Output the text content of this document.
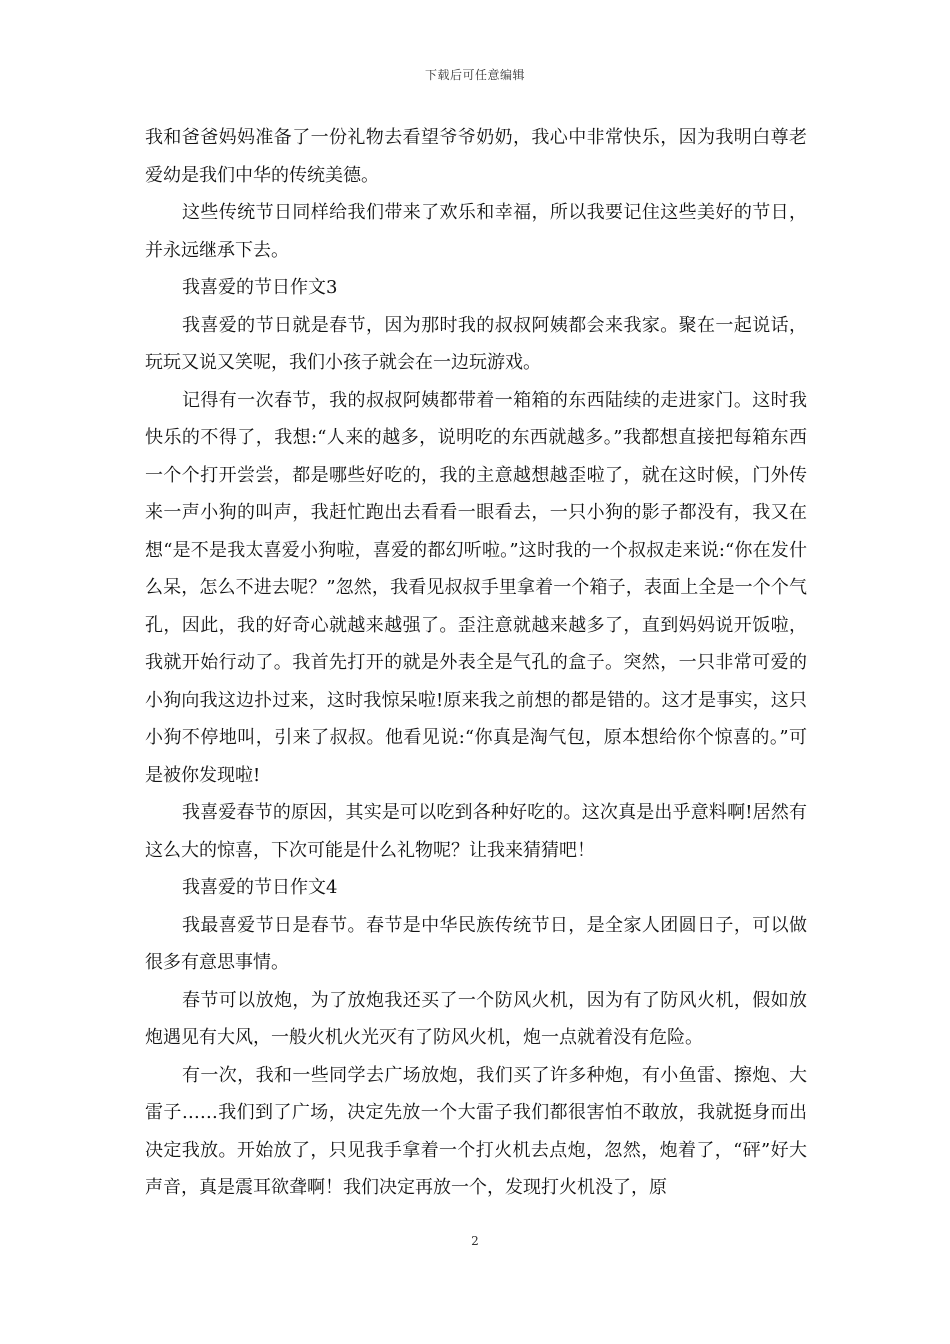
下载后可任意编辑

我和爸爸妈妈准备了一份礼物去看望爷爷奶奶，我心中非常快乐，因为我明白尊老爱幼是我们中华的传统美德。

这些传统节日同样给我们带来了欢乐和幸福，所以我要记住这些美好的节日，并永远继承下去。

我喜爱的节日作文3

我喜爱的节日就是春节，因为那时我的叔叔阿姨都会来我家。聚在一起说话，玩玩又说又笑呢，我们小孩子就会在一边玩游戏。

记得有一次春节，我的叔叔阿姨都带着一箱箱的东西陆续的走进家门。这时我快乐的不得了，我想:“人来的越多，说明吃的东西就越多。”我都想直接把每箱东西一个个打开尝尝，都是哪些好吃的，我的主意越想越歪啦了，就在这时候，门外传来一声小狗的叫声，我赶忙跑出去看看一眼看去，一只小狗的影子都没有，我又在想“是不是我太喜爱小狗啦，喜爱的都幻听啦。”这时我的一个叔叔走来说:“你在发什么呆，怎么不进去呢？”忽然，我看见叔叔手里拿着一个箱子，表面上全是一个个气孔，因此，我的好奇心就越来越强了。歪注意就越来越多了，直到妈妈说开饭啦，我就开始行动了。我首先打开的就是外表全是气孔的盒子。突然，一只非常可爱的小狗向我这边扑过来，这时我惊呆啦!原来我之前想的都是错的。这才是事实，这只小狗不停地叫，引来了叔叔。他看见说:“你真是淘气包，原本想给你个惊喜的。”可是被你发现啦!

我喜爱春节的原因，其实是可以吃到各种好吃的。这次真是出乎意料啊!居然有这么大的惊喜，下次可能是什么礼物呢？让我来猜猜吧！

我喜爱的节日作文4

我最喜爱节日是春节。春节是中华民族传统节日，是全家人团圆日子，可以做很多有意思事情。

春节可以放炮，为了放炮我还买了一个防风火机，因为有了防风火机，假如放炮遇见有大风，一般火机火光灭有了防风火机，炮一点就着没有危险。

有一次，我和一些同学去广场放炮，我们买了许多种炮，有小鱼雷、擦炮、大雷子……我们到了广场，决定先放一个大雷子我们都很害怕不敢放，我就挺身而出决定我放。开始放了，只见我手拿着一个打火机去点炮，忽然，炮着了，“砰”好大声音，真是震耳欲聋啊！我们决定再放一个，发现打火机没了，原

2
